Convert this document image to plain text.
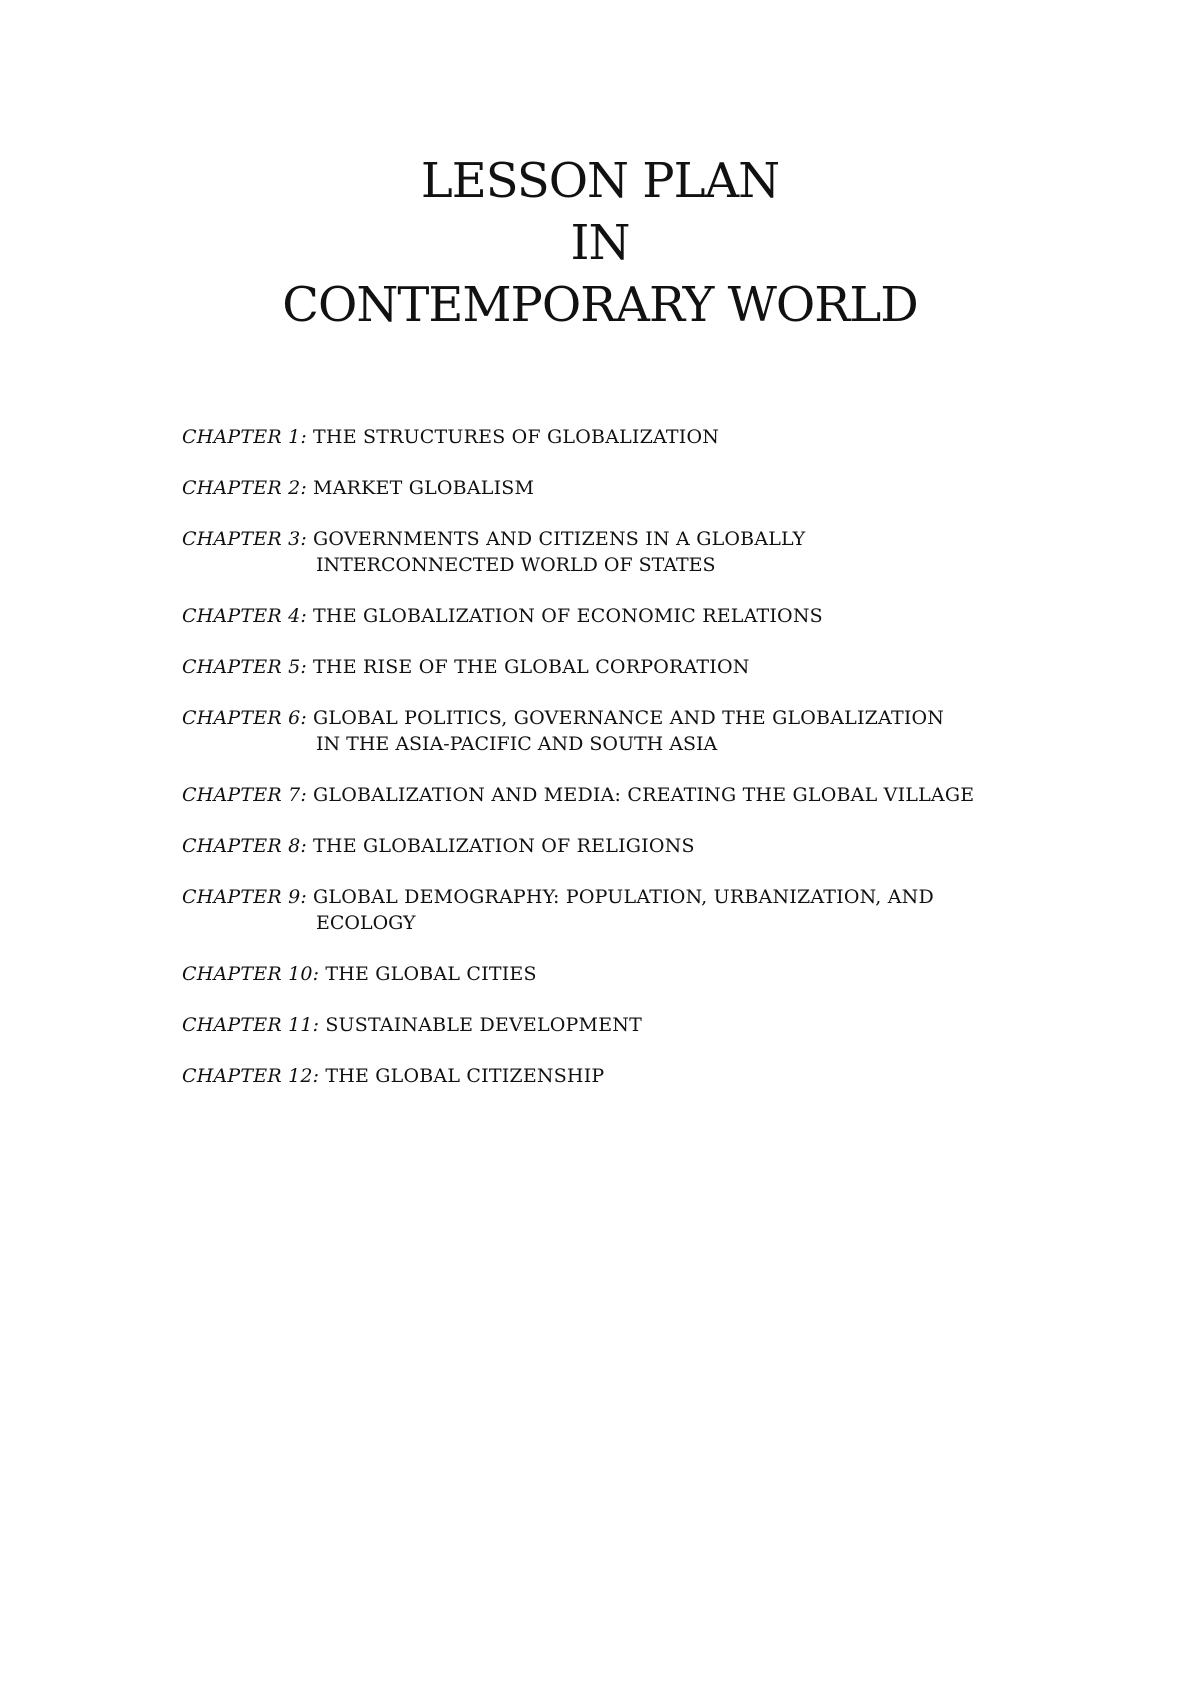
LESSON PLAN
IN
CONTEMPORARY WORLD
CHAPTER 1: THE STRUCTURES OF GLOBALIZATION
CHAPTER 2: MARKET GLOBALISM
CHAPTER 3: GOVERNMENTS AND CITIZENS IN A GLOBALLY
INTERCONNECTED WORLD OF STATES
CHAPTER 4: THE GLOBALIZATION OF ECONOMIC RELATIONS
CHAPTER 5: THE RISE OF THE GLOBAL CORPORATION
CHAPTER 6: GLOBAL POLITICS, GOVERNANCE AND THE GLOBALIZATION
IN THE ASIA-PACIFIC AND SOUTH ASIA
CHAPTER 7: GLOBALIZATION AND MEDIA: CREATING THE GLOBAL VILLAGE
CHAPTER 8: THE GLOBALIZATION OF RELIGIONS
CHAPTER 9: GLOBAL DEMOGRAPHY: POPULATION, URBANIZATION, AND
ECOLOGY
CHAPTER 10: THE GLOBAL CITIES
CHAPTER 11: SUSTAINABLE DEVELOPMENT
CHAPTER 12: THE GLOBAL CITIZENSHIP
